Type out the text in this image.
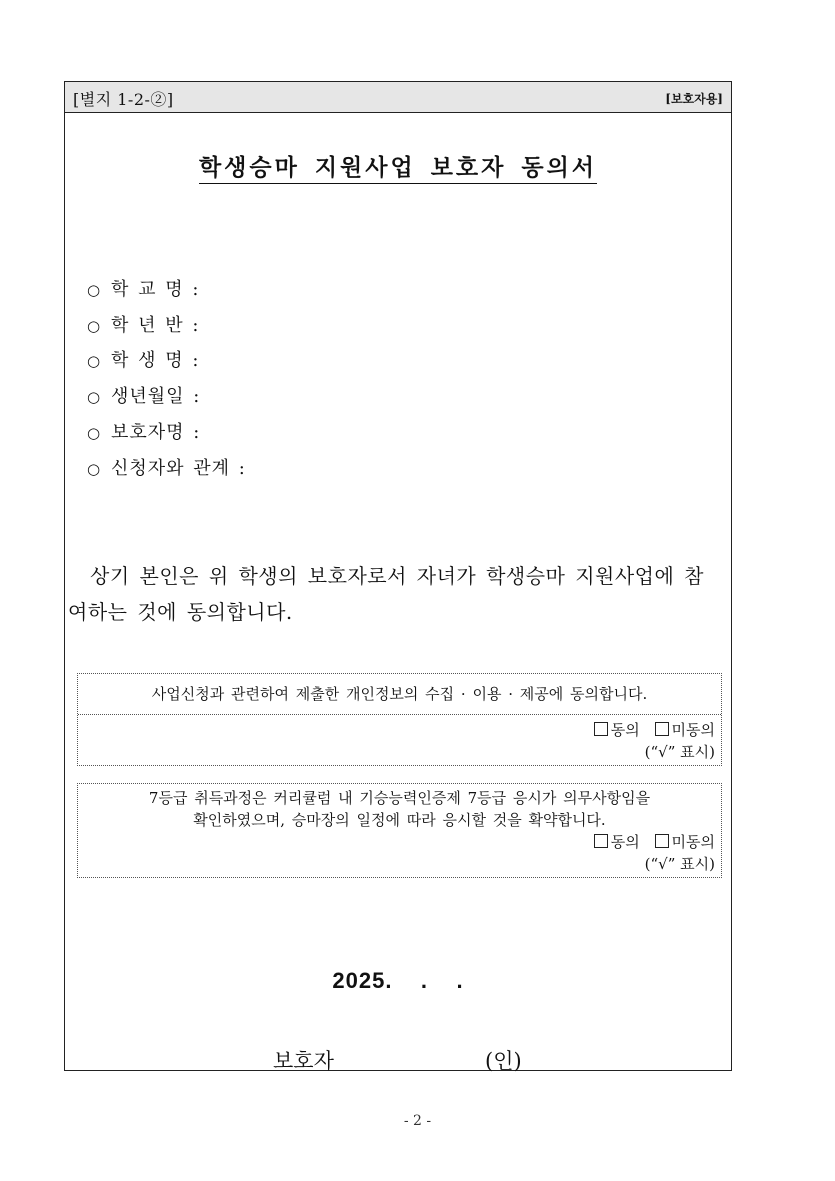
[별지 1-2-②]	[보호자용]
학생승마 지원사업 보호자 동의서
○ 학 교 명 :
○ 학 년 반 :
○ 학 생 명 :
○ 생년월일 :
○ 보호자명 :
○ 신청자와 관계 :
상기 본인은 위 학생의 보호자로서 자녀가 학생승마 지원사업에 참여하는 것에 동의합니다.
사업신청과 관련하여 제출한 개인정보의 수집 · 이용 · 제공에 동의합니다.
동의 미동의
(“√” 표시)
7등급 취득과정은 커리큘럼 내 기승능력인증제 7등급 응시가 의무사항임을
확인하였으며, 승마장의 일정에 따라 응시할 것을 확약합니다.
동의 미동의
(“√” 표시)
2025.    .    .
보호자	(인)
- 2 -
